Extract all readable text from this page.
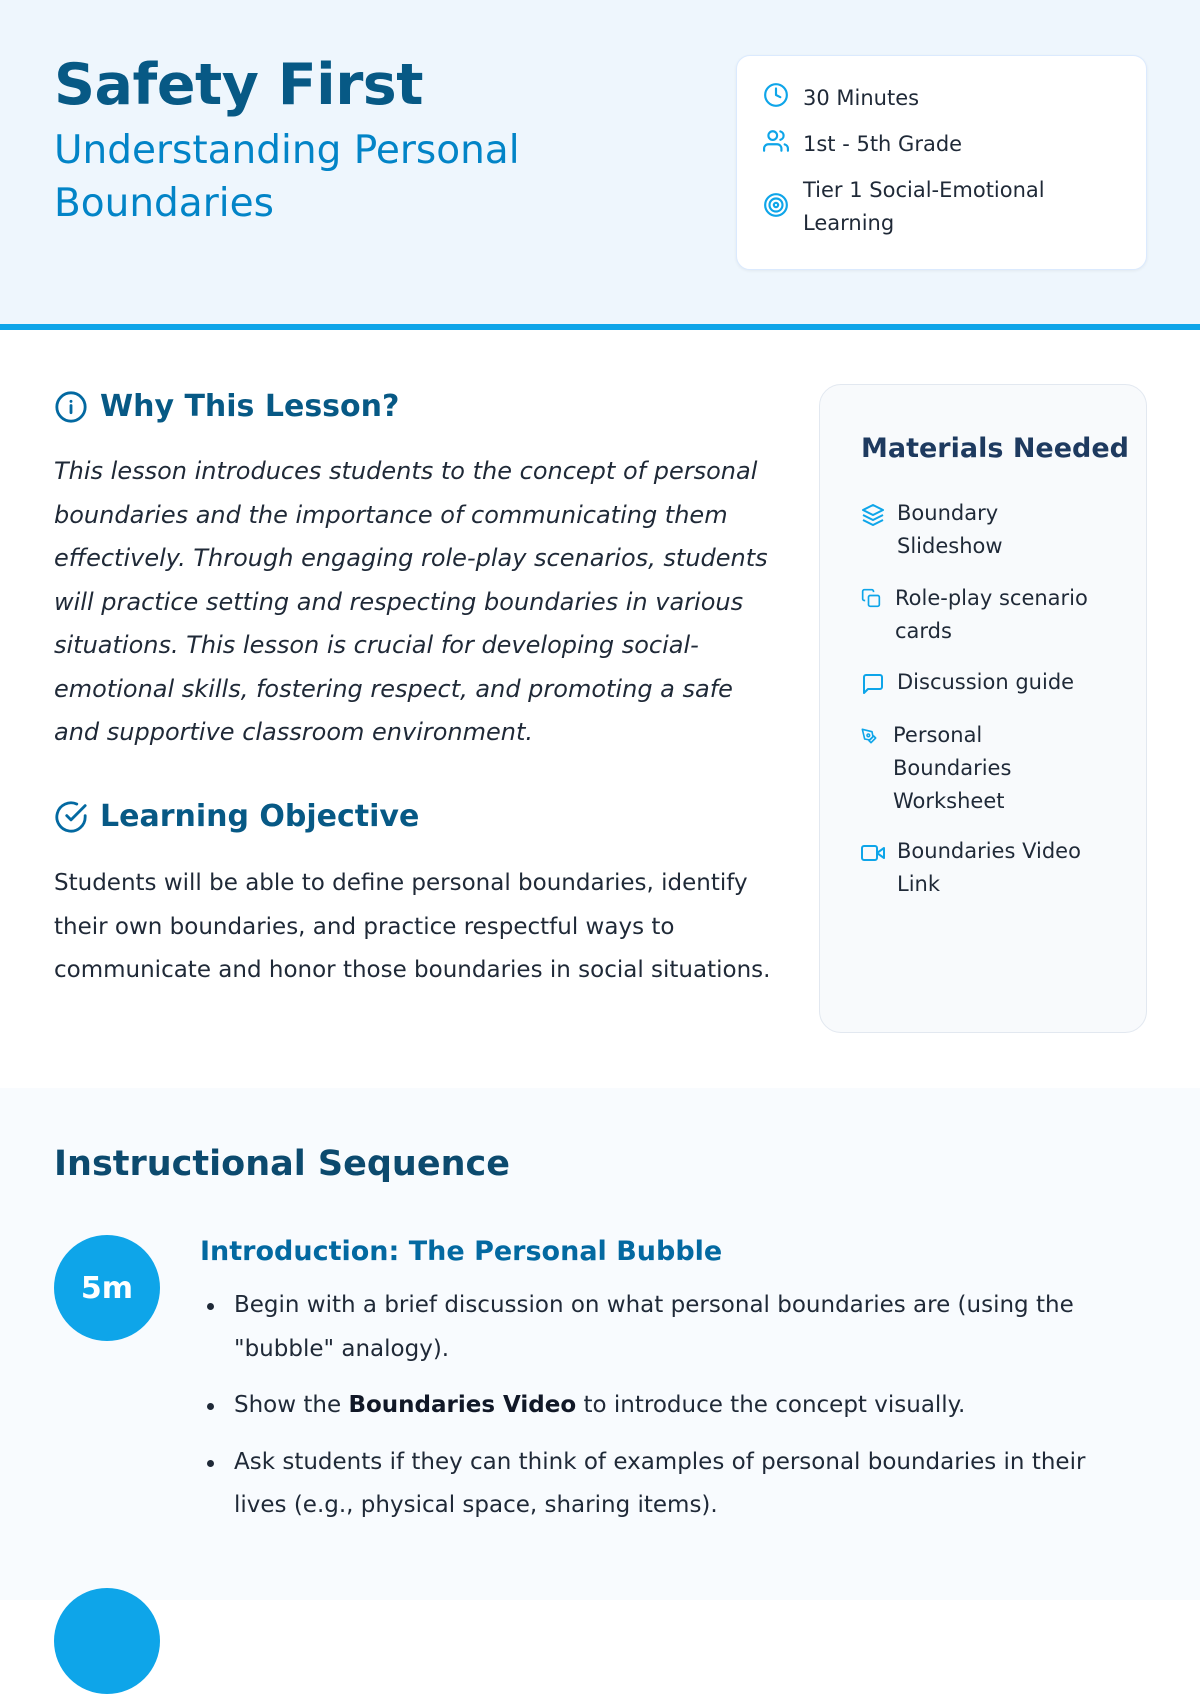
Safety First
Understanding Personal Boundaries
30 Minutes
1st - 5th Grade
Tier 1 Social-Emotional Learning
Why This Lesson?

This lesson introduces students to the concept of personal boundaries and the importance of communicating them effectively. Through engaging role-play scenarios, students will practice setting and respecting boundaries in various situations. This lesson is crucial for developing social-emotional skills, fostering respect, and promoting a safe and supportive classroom environment.

Learning Objective

Students will be able to define personal boundaries, identify their own boundaries, and practice respectful ways to communicate and honor those boundaries in social situations.

Materials Needed
Boundary Slideshow
Role-play scenario cards
Discussion guide
Personal Boundaries Worksheet
Boundaries Video Link
Instructional Sequence
5m
Introduction: The Personal Bubble
Begin with a brief discussion on what personal boundaries are (using the "bubble" analogy).
Show the Boundaries Video to introduce the concept visually.
Ask students if they can think of examples of personal boundaries in their lives (e.g., physical space, sharing items).
